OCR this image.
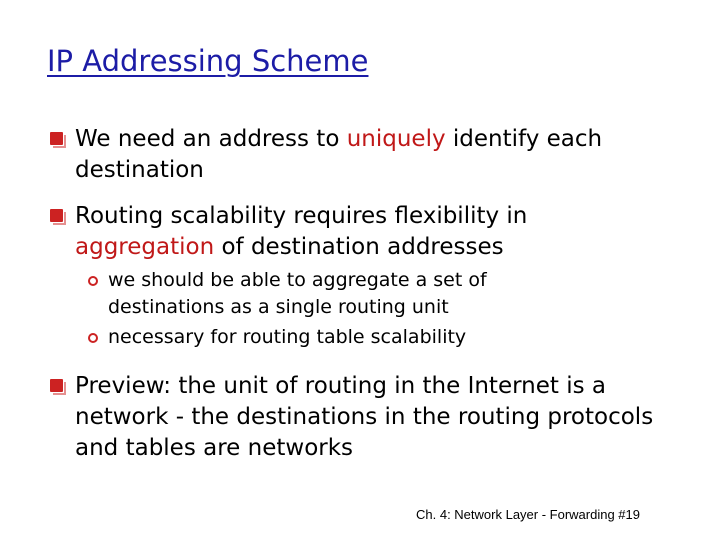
IP Addressing Scheme
We need an address to uniquely identify each destination
Routing scalability requires flexibility in aggregation of destination addresses
we should be able to aggregate a set of destinations as a single routing unit
necessary for routing table scalability
Preview: the unit of routing in the Internet is a network - the destinations in the routing protocols and tables are networks
Ch. 4: Network Layer - Forwarding #19
